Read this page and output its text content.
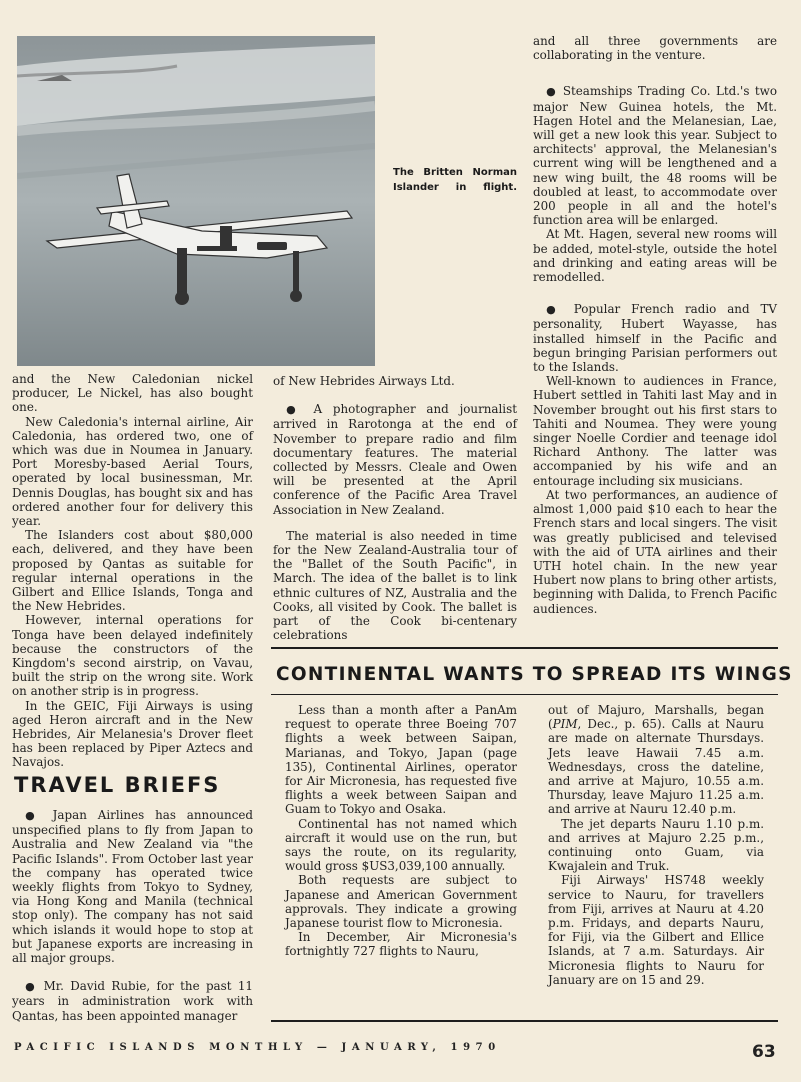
The Britten Norman Islander in flight.

and all three governments are collaborating in the venture.

● Steamships Trading Co. Ltd.'s two major New Guinea hotels, the Mt. Hagen Hotel and the Melanesian, Lae, will get a new look this year. Subject to architects' approval, the Melanesian's current wing will be lengthened and a new wing built, the 48 rooms will be doubled at least, to accommodate over 200 people in all and the hotel's function area will be enlarged.

At Mt. Hagen, several new rooms will be added, motel-style, outside the hotel and drinking and eating areas will be remodelled.

● Popular French radio and TV personality, Hubert Wayasse, has installed himself in the Pacific and begun bringing Parisian performers out to the Islands.

Well-known to audiences in France, Hubert settled in Tahiti last May and in November brought out his first stars to Tahiti and Noumea. They were young singer Noelle Cordier and teenage idol Richard Anthony. The latter was accompanied by his wife and an entourage including six musicians.

At two performances, an audience of almost 1,000 paid $10 each to hear the French stars and local singers. The visit was greatly publicised and televised with the aid of UTA airlines and their UTH hotel chain. In the new year Hubert now plans to bring other artists, beginning with Dalida, to French Pacific audiences.

and the New Caledonian nickel producer, Le Nickel, has also bought one.

New Caledonia's internal airline, Air Caledonia, has ordered two, one of which was due in Noumea in January. Port Moresby-based Aerial Tours, operated by local businessman, Mr. Dennis Douglas, has bought six and has ordered another four for delivery this year.

The Islanders cost about $80,000 each, delivered, and they have been proposed by Qantas as suitable for regular internal operations in the Gilbert and Ellice Islands, Tonga and the New Hebrides.

However, internal operations for Tonga have been delayed indefinitely because the constructors of the Kingdom's second airstrip, on Vavau, built the strip on the wrong site. Work on another strip is in progress.

In the GEIC, Fiji Airways is using aged Heron aircraft and in the New Hebrides, Air Melanesia's Drover fleet has been replaced by Piper Aztecs and Navajos.

TRAVEL BRIEFS

● Japan Airlines has announced unspecified plans to fly from Japan to Australia and New Zealand via "the Pacific Islands". From October last year the company has operated twice weekly flights from Tokyo to Sydney, via Hong Kong and Manila (technical stop only). The company has not said which islands it would hope to stop at but Japanese exports are increasing in all major groups.

● Mr. David Rubie, for the past 11 years in administration work with Qantas, has been appointed manager

of New Hebrides Airways Ltd.

● A photographer and journalist arrived in Rarotonga at the end of November to prepare radio and film documentary features. The material collected by Messrs. Cleale and Owen will be presented at the April conference of the Pacific Area Travel Association in New Zealand.

The material is also needed in time for the New Zealand-Australia tour of the "Ballet of the South Pacific", in March. The idea of the ballet is to link ethnic cultures of NZ, Australia and the Cooks, all visited by Cook. The ballet is part of the Cook bi-centenary celebrations

CONTINENTAL WANTS TO SPREAD ITS WINGS

Less than a month after a PanAm request to operate three Boeing 707 flights a week between Saipan, Marianas, and Tokyo, Japan (page 135), Continental Airlines, operator for Air Micronesia, has requested five flights a week between Saipan and Guam to Tokyo and Osaka.

Continental has not named which aircraft it would use on the run, but says the route, on its regularity, would gross $US3,039,100 annually.

Both requests are subject to Japanese and American Government approvals. They indicate a growing Japanese tourist flow to Micronesia.

In December, Air Micronesia's fortnightly 727 flights to Nauru,

out of Majuro, Marshalls, began (PIM, Dec., p. 65). Calls at Nauru are made on alternate Thursdays. Jets leave Hawaii 7.45 a.m. Wednesdays, cross the dateline, and arrive at Majuro, 10.55 a.m. Thursday, leave Majuro 11.25 a.m. and arrive at Nauru 12.40 p.m.

The jet departs Nauru 1.10 p.m. and arrives at Majuro 2.25 p.m., continuing onto Guam, via Kwajalein and Truk.

Fiji Airways' HS748 weekly service to Nauru, for travellers from Fiji, arrives at Nauru at 4.20 p.m. Fridays, and departs Nauru, for Fiji, via the Gilbert and Ellice Islands, at 7 a.m. Saturdays. Air Micronesia flights to Nauru for January are on 15 and 29.

PACIFIC ISLANDS MONTHLY — JANUARY, 1970	63
